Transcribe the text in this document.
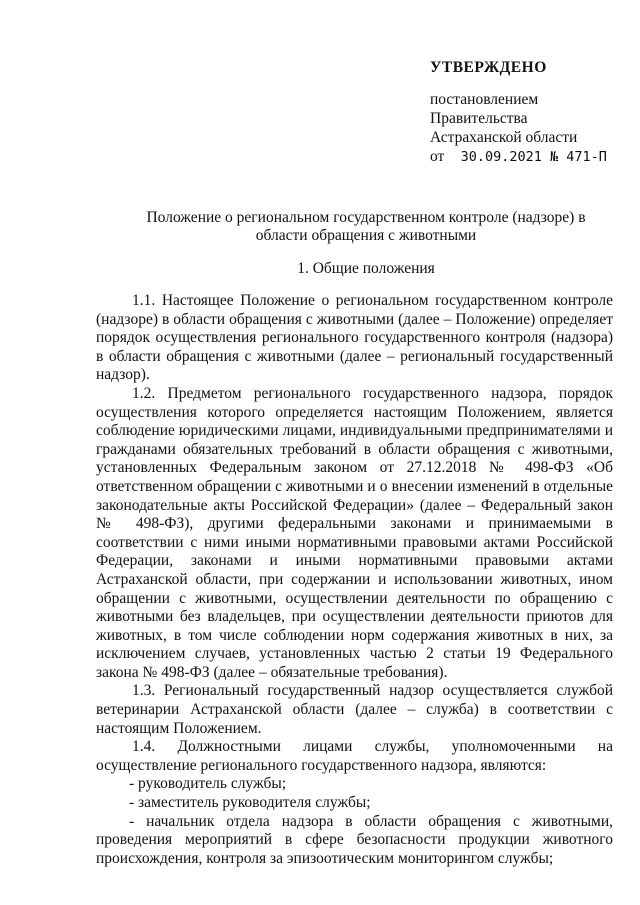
УТВЕРЖДЕНО
постановлением
Правительства
Астраханской области
от 30.09.2021 № 471-П
Положение о региональном государственном контроле (надзоре) в
области обращения с животными
1. Общие положения

1.1. Настоящее Положение о региональном государственном контроле (надзоре) в области обращения с животными (далее – Положение) определяет порядок осуществления регионального государственного контроля (надзора) в области обращения с животными (далее – региональный государственный надзор).

1.2. Предметом регионального государственного надзора, порядок осуществления которого определяется настоящим Положением, является соблюдение юридическими лицами, индивидуальными предпринимателями и гражданами обязательных требований в области обращения с животными, установленных Федеральным законом от 27.12.2018 № 498-ФЗ «Об ответственном обращении с животными и о внесении изменений в отдельные законодательные акты Российской Федерации» (далее – Федеральный закон № 498-ФЗ), другими федеральными законами и принимаемыми в соответствии с ними иными нормативными правовыми актами Российской Федерации, законами и иными нормативными правовыми актами Астраханской области, при содержании и использовании животных, ином обращении с животными, осуществлении деятельности по обращению с животными без владельцев, при осуществлении деятельности приютов для животных, в том числе соблюдении норм содержания животных в них, за исключением случаев, установленных частью 2 статьи 19 Федерального закона № 498-ФЗ (далее – обязательные требования).

1.3. Региональный государственный надзор осуществляется службой ветеринарии Астраханской области (далее – служба) в соответствии с настоящим Положением.

1.4. Должностными лицами службы, уполномоченными на осуществление регионального государственного надзора, являются:

- руководитель службы;

- заместитель руководителя службы;

- начальник отдела надзора в области обращения с животными, проведения мероприятий в сфере безопасности продукции животного происхождения, контроля за эпизоотическим мониторингом службы;
